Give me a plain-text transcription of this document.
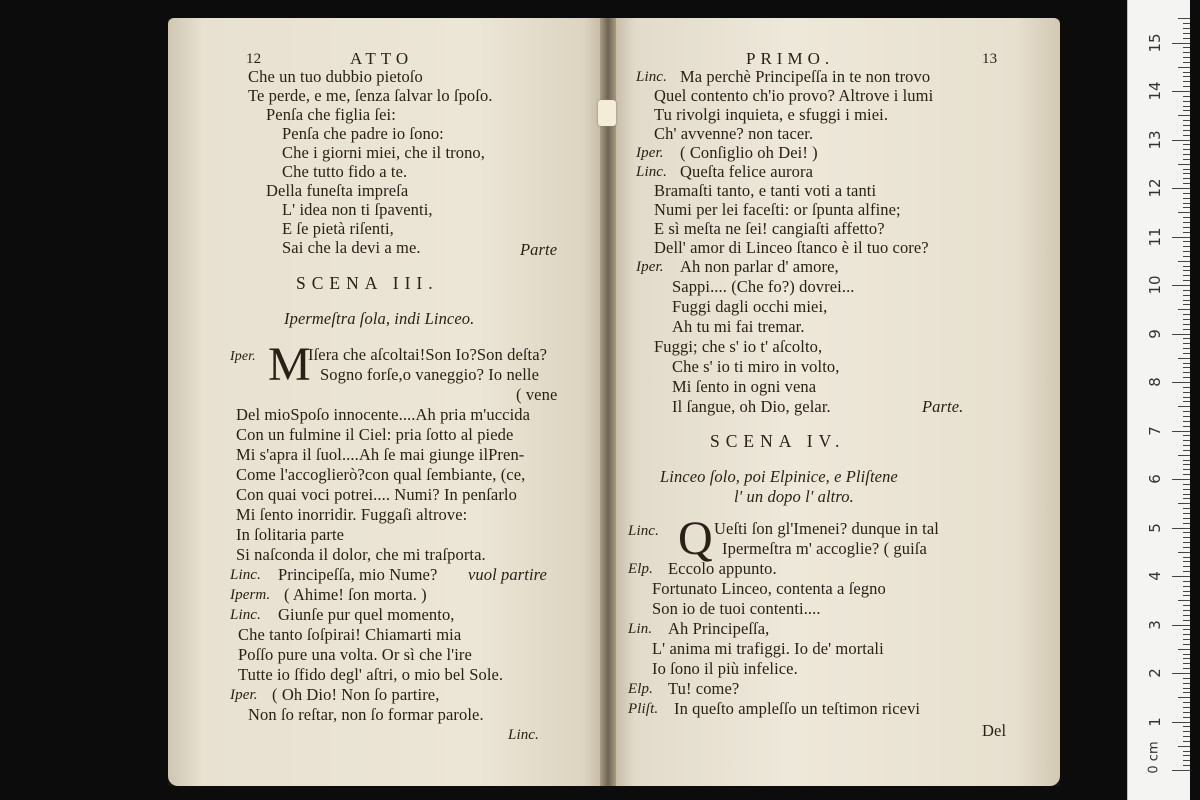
12	ATTO
Che un tuo dubbio pietoſo
Te perde, e me, ſenza ſalvar lo ſpoſo.
Penſa che figlia ſei:
Penſa che padre io ſono:
Che i giorni miei, che il trono,
Che tutto fido a te.
Della funeſta impreſa
L' idea non ti ſpaventi,
E ſe pietà riſenti,
Sai che la devi a me.	Parte
SCENA III.
Ipermeſtra ſola, indi Linceo.
Iper. M
Iſera che aſcoltai!Son Io?Son deſta?
Sogno forſe,o vaneggio? Io nelle
( vene
Del mioSpoſo innocente....Ah pria m'uccida
Con un fulmine il Ciel: pria ſotto al piede
Mi s'apra il ſuol....Ah ſe mai giunge ilPren-
Come l'accoglierò?con qual ſembiante, (ce,
Con quai voci potrei.... Numi? In penſarlo
Mi ſento inorridir. Fuggaſi altrove:
In ſolitaria parte
Si naſconda il dolor, che mi traſporta.
Linc. Principeſſa, mio Nume? vuol partire
Iperm. ( Ahime! ſon morta. )
Linc. Giunſe pur quel momento,
Che tanto ſoſpirai! Chiamarti mia
Poſſo pure una volta. Or sì che l'ire
Tutte io ſfido degl' aſtri, o mio bel Sole.
Iper. ( Oh Dio! Non ſo partire,
Non ſo reſtar, non ſo formar parole.
Linc.
PRIMO.	13
Linc. Ma perchè Principeſſa in te non trovo
Quel contento ch'io provo? Altrove i lumi
Tu rivolgi inquieta, e sfuggi i miei.
Ch' avvenne? non tacer.
Iper. ( Conſiglio oh Dei! )
Linc. Queſta felice aurora
Bramaſti tanto, e tanti voti a tanti
Numi per lei faceſti: or ſpunta alfine;
E sì meſta ne ſei! cangiaſti affetto?
Dell' amor di Linceo ſtanco è il tuo core?
Iper. Ah non parlar d' amore,
Sappi.... (Che fo?) dovrei...
Fuggi dagli occhi miei,
Ah tu mi fai tremar.
Fuggi; che s' io t' aſcolto,
Che s' io ti miro in volto,
Mi ſento in ogni vena
Il ſangue, oh Dio, gelar.	Parte.
SCENA IV.
Linceo ſolo, poi Elpinice, e Pliſtene
l' un dopo l' altro.
Linc. Q Ueſti ſon gl'Imenei? dunque in tal
Ipermeſtra m' accoglie? ( guiſa
Elp. Eccolo appunto.
Fortunato Linceo, contenta a ſegno
Son io de tuoi contenti....
Lin. Ah Principeſſa,
L' anima mi trafiggi. Io de' mortali
Io ſono il più infelice.
Elp. Tu! come?
Pliſt. In queſto ampleſſo un teſtimon ricevi
Del
0 cm
1
2
3
4
5
6
7
8
9
10
11
12
13
14
15
